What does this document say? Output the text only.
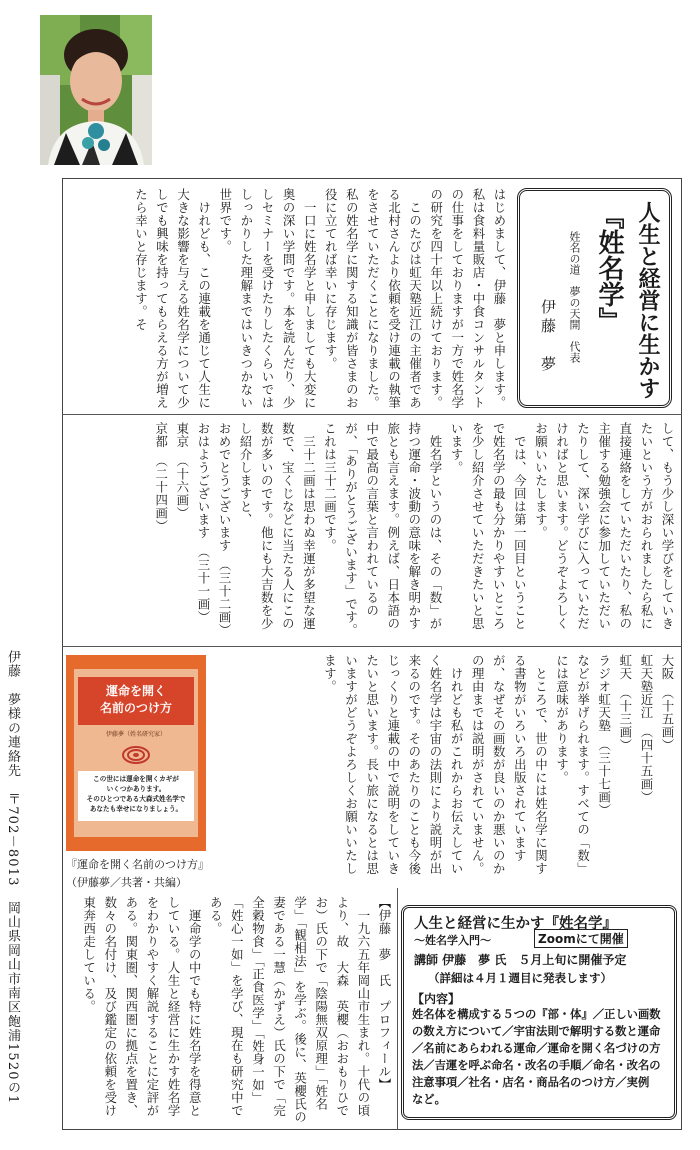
人生と経営に生かす
『姓名学』
姓名の道　夢の天開　代表
伊藤　夢
はじめまして、伊藤　夢と申します。私は食料量販店・中食コンサルタントの仕事をしておりますが一方で姓名学の研究を四十年以上続けております。
　このたびは虹天塾近江の主催者である北村さんより依頼を受け連載の執筆をさせていただくことになりました。私の姓名学に関する知識が皆さまのお役に立てれば幸いに存じます。
　一口に姓名学と申しましても大変に奥の深い学問です。本を読んだり、少しセミナーを受けたりしたくらいではしっかりした理解まではいきつかない世界です。
　けれども、この連載を通じて人生に大きな影響を与える姓名学について少しでも興味を持ってもらえる方が増えたら幸いと存じます。そ
して、もう少し深い学びをしていきたいという方がおられましたら私に直接連絡をしていただいたり、私の主催する勉強会に参加していただいたりして、深い学びに入っていただければと思います。どうぞよろしくお願いいたします。
　では、今回は第一回目ということで姓名学の最も分かりやすいところを少し紹介させていただきたいと思います。
　姓名学というのは、その「数」が持つ運命・波動の意味を解き明かす旅とも言えます。例えば、日本語の中で最高の言葉と言われているのが、「ありがとうございます」です。これは三十二画です。
　三十二画は思わぬ幸運が多望な運数で、宝くじなどに当たる人にこの数が多いのです。他にも大吉数を少し紹介しますと、
おめでとうございます　（三十二画）
おはようございます　（三十一画）
東京　（十六画）
京都　（二十四画）
大阪　（十五画）
虹天塾近江　（四十五画）
虹天　（十三画）
ラジオ虹天塾　（三十七画）
などが挙げられます。すべての「数」には意味があります。
　ところで、世の中には姓名学に関する書物がいろいろ出版されていますが、なぜその画数が良いのか悪いのかの理由までは説明がされていません。
　けれども私がこれからお伝えしていく姓名学は宇宙の法則により説明が出来るのです。そのあたりのことも今後じっくりと連載の中で説明をしていきたいと思います。長い旅になるとは思いますがどうぞよろしくお願いいたします。
【伊藤　夢　氏　プロフィール】
　一九六五年岡山市生まれ。十代の頃より、故　大森　英櫻（おおもりひでお）氏の下で「陰陽無双原理」「姓名学」「観相法」を学ぶ。後に、英櫻氏の妻である一慧（かずえ）氏の下で「完全穀物食」「正食医学」「姓身一如」「姓心一如」を学び、現在も研究中である。
　運命学の中でも特に姓名学を得意としている。人生と経営に生かす姓名学をわかりやすく解説することに定評がある。関東圏、関西圏に拠点を置き、数々の名付け、及び鑑定の依頼を受け東奔西走している。
運命を開く
名前のつけ方
伊藤夢（姓名研究家）
この世には運命を開くカギが
いくつかあります。
そのひとつである大森式姓名学で
あなたも幸せになりましょう。
『運命を開く名前のつけ方』（伊藤夢／共著・共編）
人生と経営に生かす『姓名学』
～姓名学入門～	Zoomにて開催
講師 伊藤　夢 氏　５月上旬に開催予定
（詳細は４月１週目に発表します）
【内容】
姓名体を構成する５つの『部・体』／正しい画数の数え方について／宇宙法則で解明する数と運命／名前にあらわれる運命／運命を開く名づけの方法／吉運を呼ぶ命名・改名の手順／命名・改名の注意事項／社名・店名・商品名のつけ方／実例　など。
伊藤　夢様の連絡先　〒702－8013　岡山県岡山市南区飽浦1520の1
